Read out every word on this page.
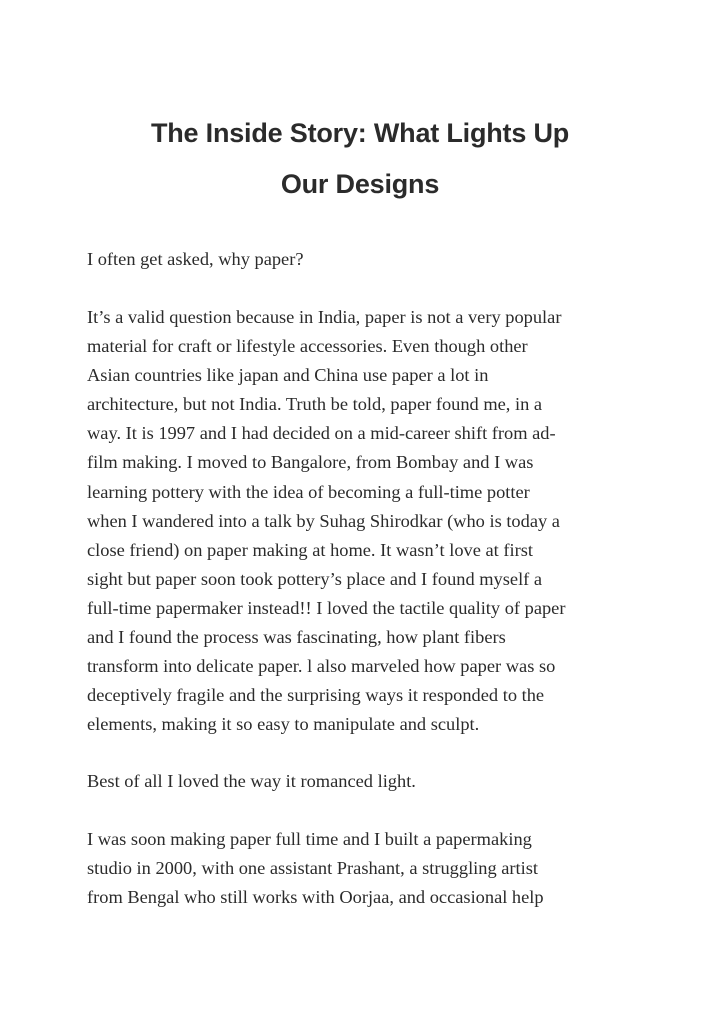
The Inside Story: What Lights Up
Our Designs

I often get asked, why paper?

It’s a valid question because in India, paper is not a very popular
material for craft or lifestyle accessories. Even though other
Asian countries like japan and China use paper a lot in
architecture, but not India. Truth be told, paper found me, in a
way. It is 1997 and I had decided on a mid-career shift from ad-
film making. I moved to Bangalore, from Bombay and I was
learning pottery with the idea of becoming a full-time potter
when I wandered into a talk by Suhag Shirodkar (who is today a
close friend) on paper making at home. It wasn’t love at first
sight but paper soon took pottery’s place and I found myself a
full-time papermaker instead!! I loved the tactile quality of paper
and I found the process was fascinating, how plant fibers
transform into delicate paper. l also marveled how paper was so
deceptively fragile and the surprising ways it responded to the
elements, making it so easy to manipulate and sculpt.

Best of all I loved the way it romanced light.

I was soon making paper full time and I built a papermaking
studio in 2000, with one assistant Prashant, a struggling artist
from Bengal who still works with Oorjaa, and occasional help
